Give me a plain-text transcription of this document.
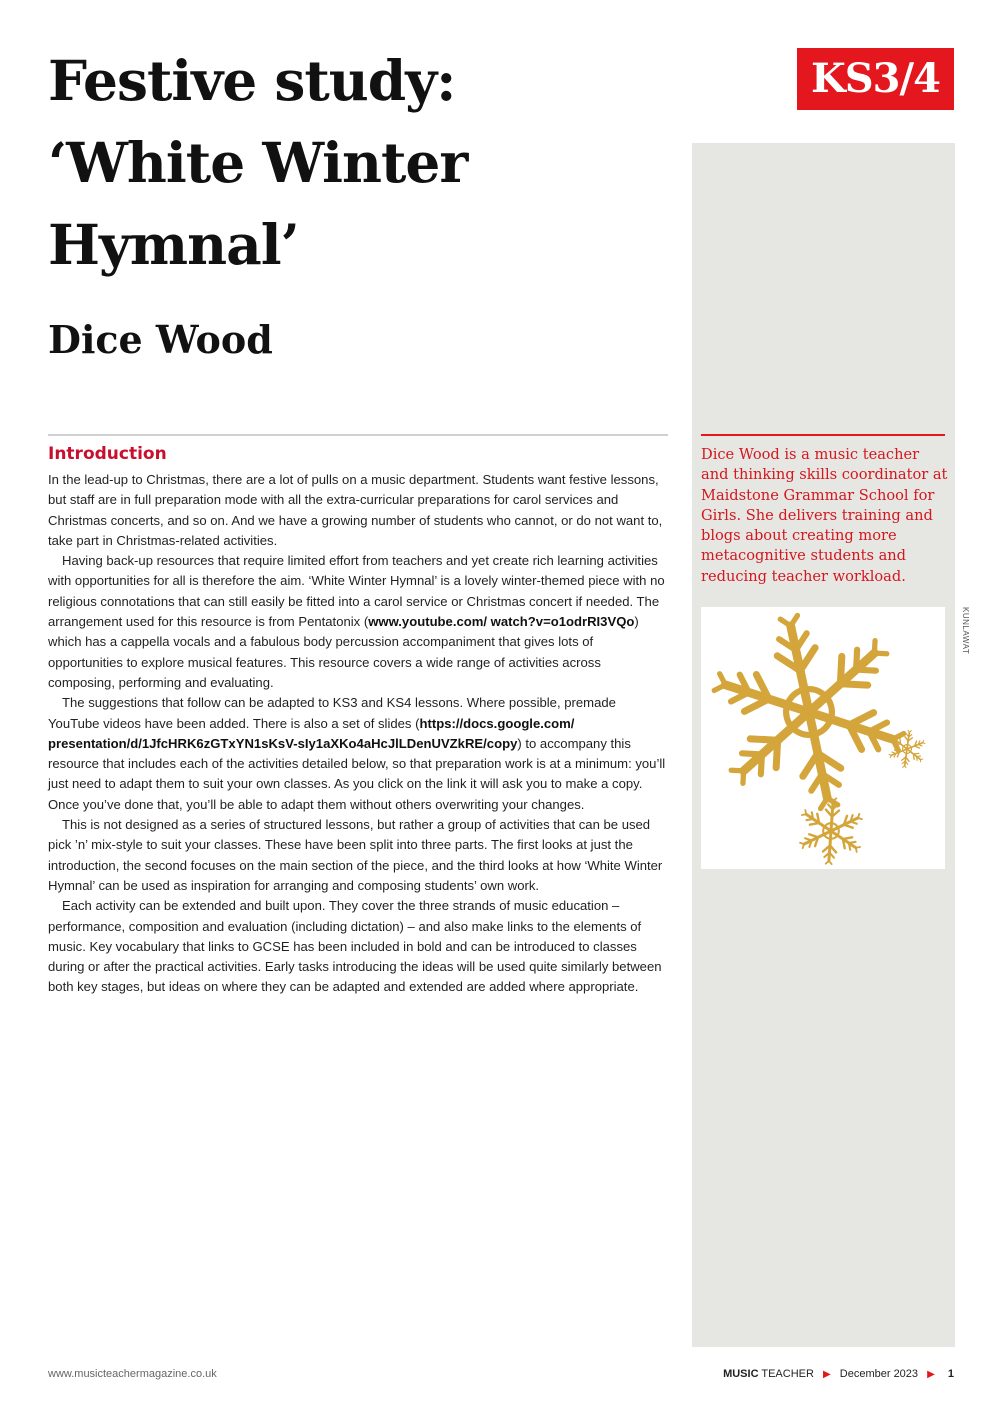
Festive study:
‘White Winter
Hymnal’
Dice Wood
KS3/4

Dice Wood is a music teacher and thinking skills coordinator at Maidstone Grammar School for Girls. She delivers training and blogs about creating more metacognitive students and reducing teacher workload.

KUNLAWAT
Introduction

In the lead-up to Christmas, there are a lot of pulls on a music department. Students want festive lessons, but staff are in full preparation mode with all the extra-curricular preparations for carol services and Christmas concerts, and so on. And we have a growing number of students who cannot, or do not want to, take part in Christmas-related activities.

Having back-up resources that require limited effort from teachers and yet create rich learning activities with opportunities for all is therefore the aim. ‘White Winter Hymnal’ is a lovely winter-themed piece with no religious connotations that can still easily be fitted into a carol service or Christmas concert if needed. The arrangement used for this resource is from Pentatonix (www.youtube.com/ watch?v=o1odrRI3VQo) which has a cappella vocals and a fabulous body percussion accompaniment that gives lots of opportunities to explore musical features. This resource covers a wide range of activities across composing, performing and evaluating.

The suggestions that follow can be adapted to KS3 and KS4 lessons. Where possible, premade YouTube videos have been added. There is also a set of slides (https://docs.google.com/ presentation/d/1JfcHRK6zGTxYN1sKsV-sIy1aXKo4aHcJlLDenUVZkRE/copy) to accompany this resource that includes each of the activities detailed below, so that preparation work is at a minimum: you’ll just need to adapt them to suit your own classes. As you click on the link it will ask you to make a copy. Once you’ve done that, you’ll be able to adapt them without others overwriting your changes.

This is not designed as a series of structured lessons, but rather a group of activities that can be used pick ’n’ mix-style to suit your classes. These have been split into three parts. The first looks at just the introduction, the second focuses on the main section of the piece, and the third looks at how ‘White Winter Hymnal’ can be used as inspiration for arranging and composing students’ own work.

Each activity can be extended and built upon. They cover the three strands of music education – performance, composition and evaluation (including dictation) – and also make links to the elements of music. Key vocabulary that links to GCSE has been included in bold and can be introduced to classes during or after the practical activities. Early tasks introducing the ideas will be used quite similarly between both key stages, but ideas on where they can be adapted and extended are added where appropriate.

www.musicteachermagazine.co.uk	MUSIC TEACHER ▶ December 2023 ▶ 1
